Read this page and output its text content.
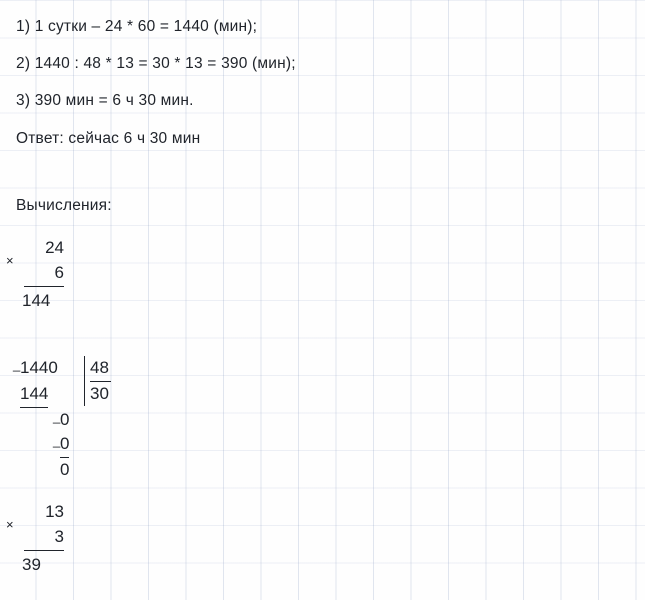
1) 1 сутки – 24 * 60 = 1440 (мин);
2) 1440 : 48 * 13 = 30 * 13 = 390 (мин);
3) 390 мин = 6 ч 30 мин.
Ответ: сейчас 6 ч 30 мин
Вычисления:
×
24
6
144
_ 1440	48
144	30
_ 0
_ 0
0
×
13
3
39
